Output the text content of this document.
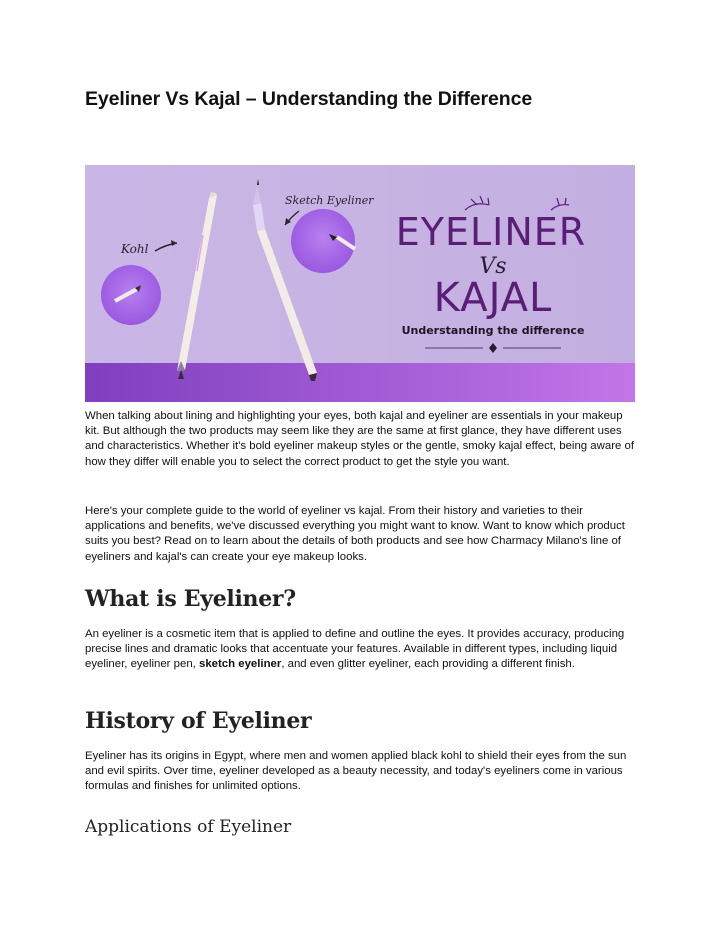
Eyeliner Vs Kajal – Understanding the Difference
Kohl
Sketch Eyeliner
EYELINER
Vs
KAJAL
Understanding the difference

When talking about lining and highlighting your eyes, both kajal and eyeliner are essentials in your makeup kit. But although the two products may seem like they are the same at first glance, they have different uses and characteristics. Whether it's bold eyeliner makeup styles or the gentle, smoky kajal effect, being aware of how they differ will enable you to select the correct product to get the style you want.

Here's your complete guide to the world of eyeliner vs kajal. From their history and varieties to their applications and benefits, we've discussed everything you might want to know. Want to know which product suits you best? Read on to learn about the details of both products and see how Charmacy Milano's line of eyeliners and kajal's can create your eye makeup looks.

What is Eyeliner?

An eyeliner is a cosmetic item that is applied to define and outline the eyes. It provides accuracy, producing precise lines and dramatic looks that accentuate your features. Available in different types, including liquid eyeliner, eyeliner pen, sketch eyeliner, and even glitter eyeliner, each providing a different finish.

History of Eyeliner

Eyeliner has its origins in Egypt, where men and women applied black kohl to shield their eyes from the sun and evil spirits. Over time, eyeliner developed as a beauty necessity, and today's eyeliners come in various formulas and finishes for unlimited options.

Applications of Eyeliner
